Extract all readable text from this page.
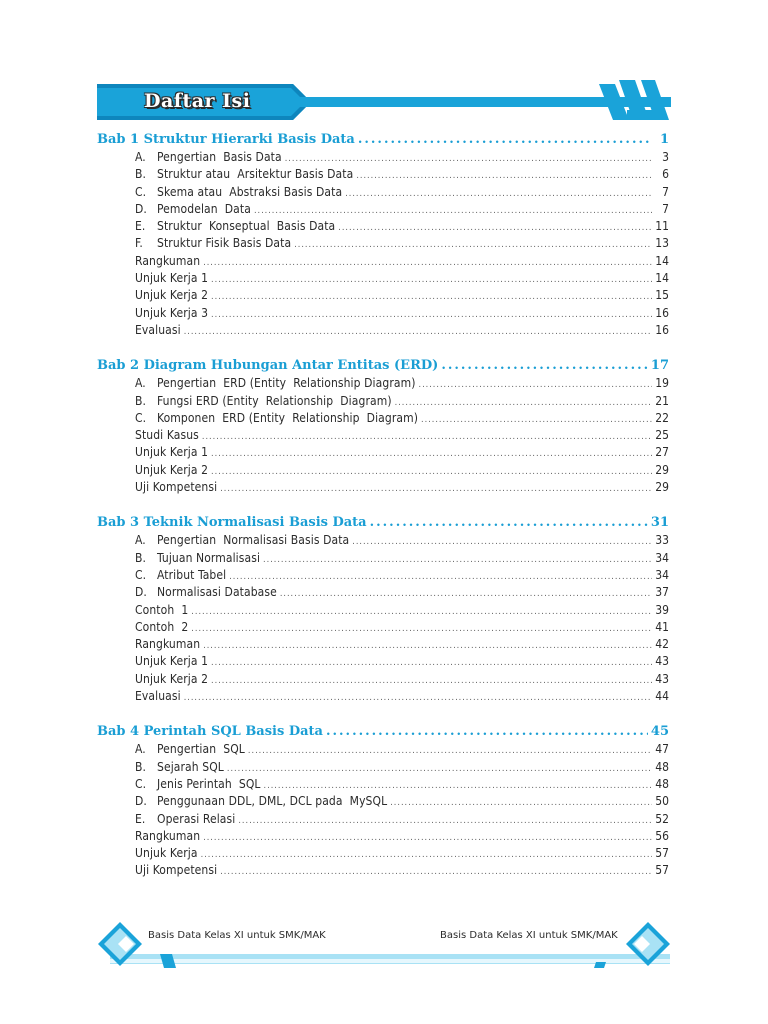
Daftar Isi
Bab 1 Struktur Hierarki Basis Data .....	1
A. Pengertian  Basis Data .....	3
B. Struktur atau  Arsitektur Basis Data .....	6
C. Skema atau  Abstraksi Basis Data .....	7
D. Pemodelan  Data .....	7
E. Struktur  Konseptual  Basis Data .....	11
F. Struktur Fisik Basis Data .....	13
Rangkuman .....	14
Unjuk Kerja 1 .....	14
Unjuk Kerja 2 .....	15
Unjuk Kerja 3 .....	16
Evaluasi .....	16
Bab 2 Diagram Hubungan Antar Entitas (ERD) .....	17
A. Pengertian  ERD (Entity  Relationship Diagram) .....	19
B. Fungsi ERD (Entity  Relationship  Diagram) .....	21
C. Komponen  ERD (Entity  Relationship  Diagram) .....	22
Studi Kasus .....	25
Unjuk Kerja 1 .....	27
Unjuk Kerja 2 .....	29
Uji Kompetensi .....	29
Bab 3 Teknik Normalisasi Basis Data .....	31
A. Pengertian  Normalisasi Basis Data .....	33
B. Tujuan Normalisasi .....	34
C. Atribut Tabel .....	34
D. Normalisasi Database .....	37
Contoh  1 .....	39
Contoh  2 .....	41
Rangkuman .....	42
Unjuk Kerja 1 .....	43
Unjuk Kerja 2 .....	43
Evaluasi .....	44
Bab 4 Perintah SQL Basis Data .....	45
A. Pengertian  SQL .....	47
B. Sejarah SQL .....	48
C. Jenis Perintah  SQL .....	48
D. Penggunaan DDL, DML, DCL pada  MySQL .....	50
E. Operasi Relasi .....	52
Rangkuman .....	56
Unjuk Kerja .....	57
Uji Kompetensi .....	57
Basis Data Kelas XI untuk SMK/MAK	Basis Data Kelas XI untuk SMK/MAK
